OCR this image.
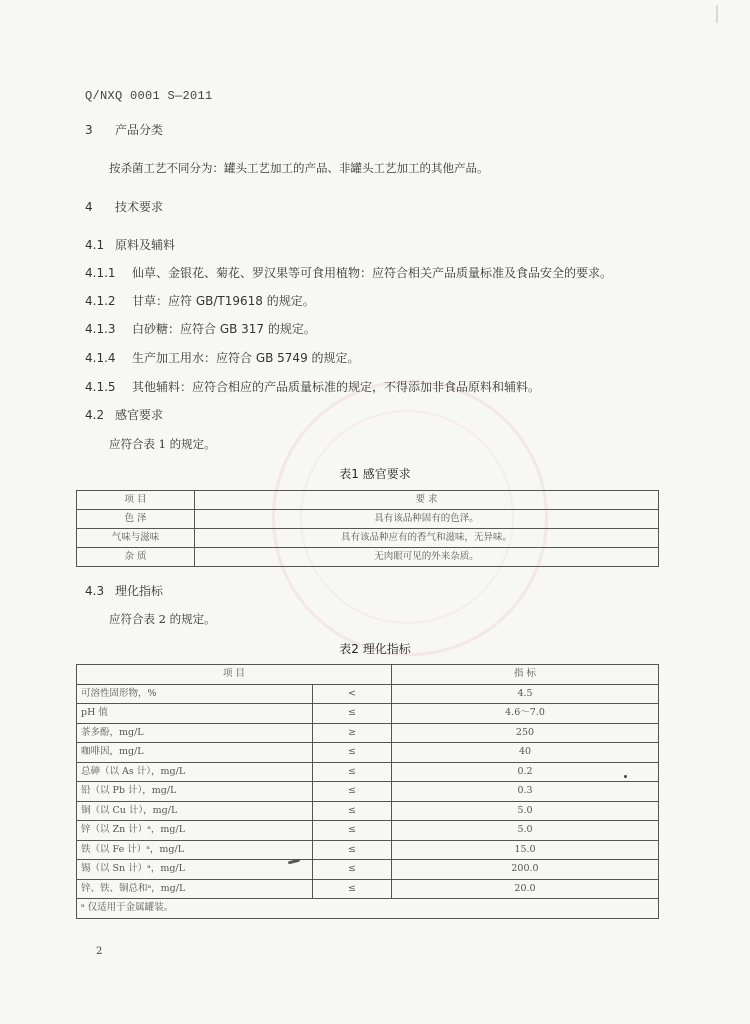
Q/NXQ 0001 S—2011
3 产品分类
按杀菌工艺不同分为：罐头工艺加工的产品、非罐头工艺加工的其他产品。
4 技术要求
4.1 原料及辅料
4.1.1 仙草、金银花、菊花、罗汉果等可食用植物：应符合相关产品质量标准及食品安全的要求。
4.1.2 甘草：应符 GB/T19618 的规定。
4.1.3 白砂糖：应符合 GB 317 的规定。
4.1.4 生产加工用水：应符合 GB 5749 的规定。
4.1.5 其他辅料：应符合相应的产品质量标准的规定，不得添加非食品原料和辅料。
4.2 感官要求
应符合表 1 的规定。
表1 感官要求
项 目	要 求
色 泽	具有该品种固有的色泽。
气味与滋味	具有该品种应有的香气和滋味，无异味。
杂 质	无肉眼可见的外来杂质。
4.3 理化指标
应符合表 2 的规定。
表2 理化指标
项 目		指 标
可溶性固形物，%	<	4.5
pH 值	≤	4.6～7.0
茶多酚，mg/L	≥	250
咖啡因，mg/L	≤	40
总砷（以 As 计），mg/L	≤	0.2
铅（以 Pb 计），mg/L	≤	0.3
铜（以 Cu 计），mg/L	≤	5.0
锌（以 Zn 计）ᵃ，mg/L	≤	5.0
铁（以 Fe 计）ᵃ，mg/L	≤	15.0
锡（以 Sn 计）ᵃ，mg/L	≤	200.0
锌、铁、铜总和ᵃ，mg/L	≤	20.0
ᵃ 仅适用于金属罐装。		
2
